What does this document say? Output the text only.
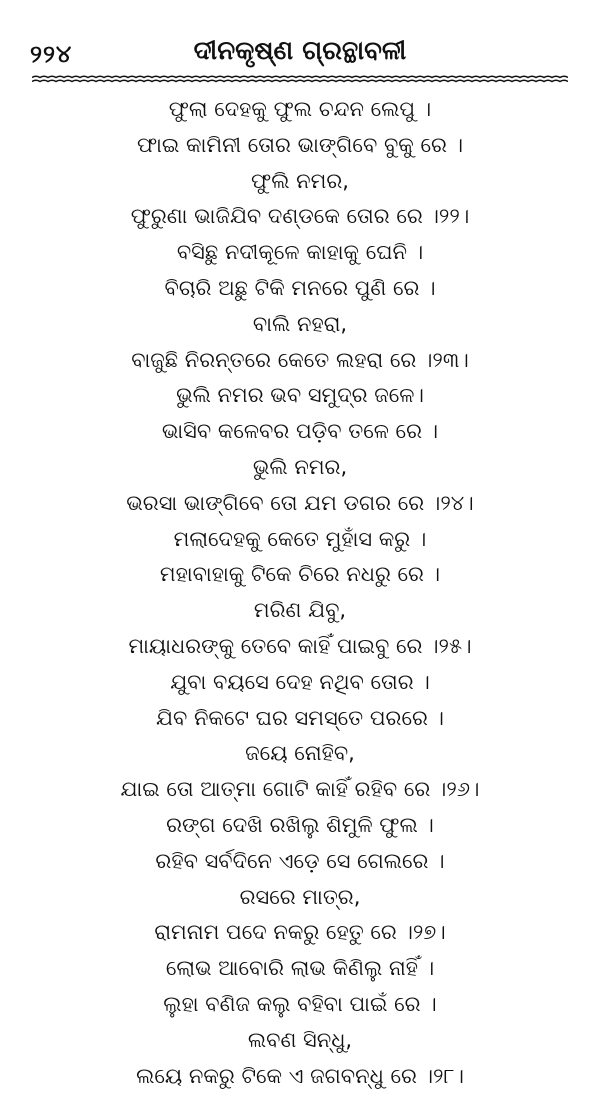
୨୨୪	ଦୀନକୃଷ୍ଣ ଗ୍ରନ୍ଥାବଳୀ
ଫୁଲା ଦେହକୁ ଫୁଲ ଚନ୍ଦନ ଲେପୁ ।
ଫାଇ କାମିନୀ ତୋର ଭାଙ୍ଗିବେ ବୁକୁ ରେ ।
ଫୁଲି ନମର,
ଫୁରୁଣା ଭାଜିଯିବ ଦଣ୍ଡକେ ତୋର ରେ ।୨୨।
ବସିଛୁ ନଦୀକୂଳେ କାହାକୁ ଘେନି ।
ବିଚାରି ଅଛୁ ଟିକି ମନରେ ପୁଣି ରେ ।
ବାଲି ନହରା,
ବାଜୁଛି ନିରନ୍ତରେ କେତେ ଲହରା ରେ ।୨୩।
ଭୁଲି ନମର ଭବ ସମୁଦ୍ର ଜଳେ।
ଭାସିବ କଳେବର ପଡ଼ିବ ତଳେ ରେ ।
ଭୁଲି ନମର,
ଭରସା ଭାଙ୍ଗିବେ ତୋ ଯମ ଡଗର ରେ ।୨୪।
ମଲାଦେହକୁ କେତେ ମୁହାଁସ କରୁ ।
ମହାବାହାକୁ ଟିକେ ଚିରେ ନଧରୁ ରେ ।
ମରିଣ ଯିବୁ,
ମାୟାଧରଙ୍କୁ ତେବେ କାହିଁ ପାଇବୁ ରେ ।୨୫।
ଯୁବା ବୟସେ ଦେହ ନଥିବ ତୋର ।
ଯିବ ନିକଟେ ଘର ସମସ୍ତେ ପରରେ ।
ଜୟେ ନୋହିବ,
ଯାଇ ତୋ ଆତ୍ମା ଗୋଟି କାହିଁ ରହିବ ରେ ।୨୬।
ରଙ୍ଗ ଦେଖି ରଖିଲୁ ଶିମୁଳି ଫୁଲ ।
ରହିବ ସର୍ବଦିନେ ଏଡ଼େ ସେ ଗେଲରେ ।
ରସରେ ମାତ୍ର,
ରାମନାମ ପଦେ ନକରୁ ହେତୁ ରେ ।୨୭।
ଲୋଭ ଆବୋରି ଲାଭ କିଣିଲୁ ନାହିଁ ।
ଲୁହା ବଣିଜ କଲୁ ବହିବା ପାଇଁ ରେ ।
ଲବଣ ସିନ୍ଧୁ,
ଲୟେ ନକରୁ ଟିକେ ଏ ଜଗବନ୍ଧୁ ରେ ।୨୮।
